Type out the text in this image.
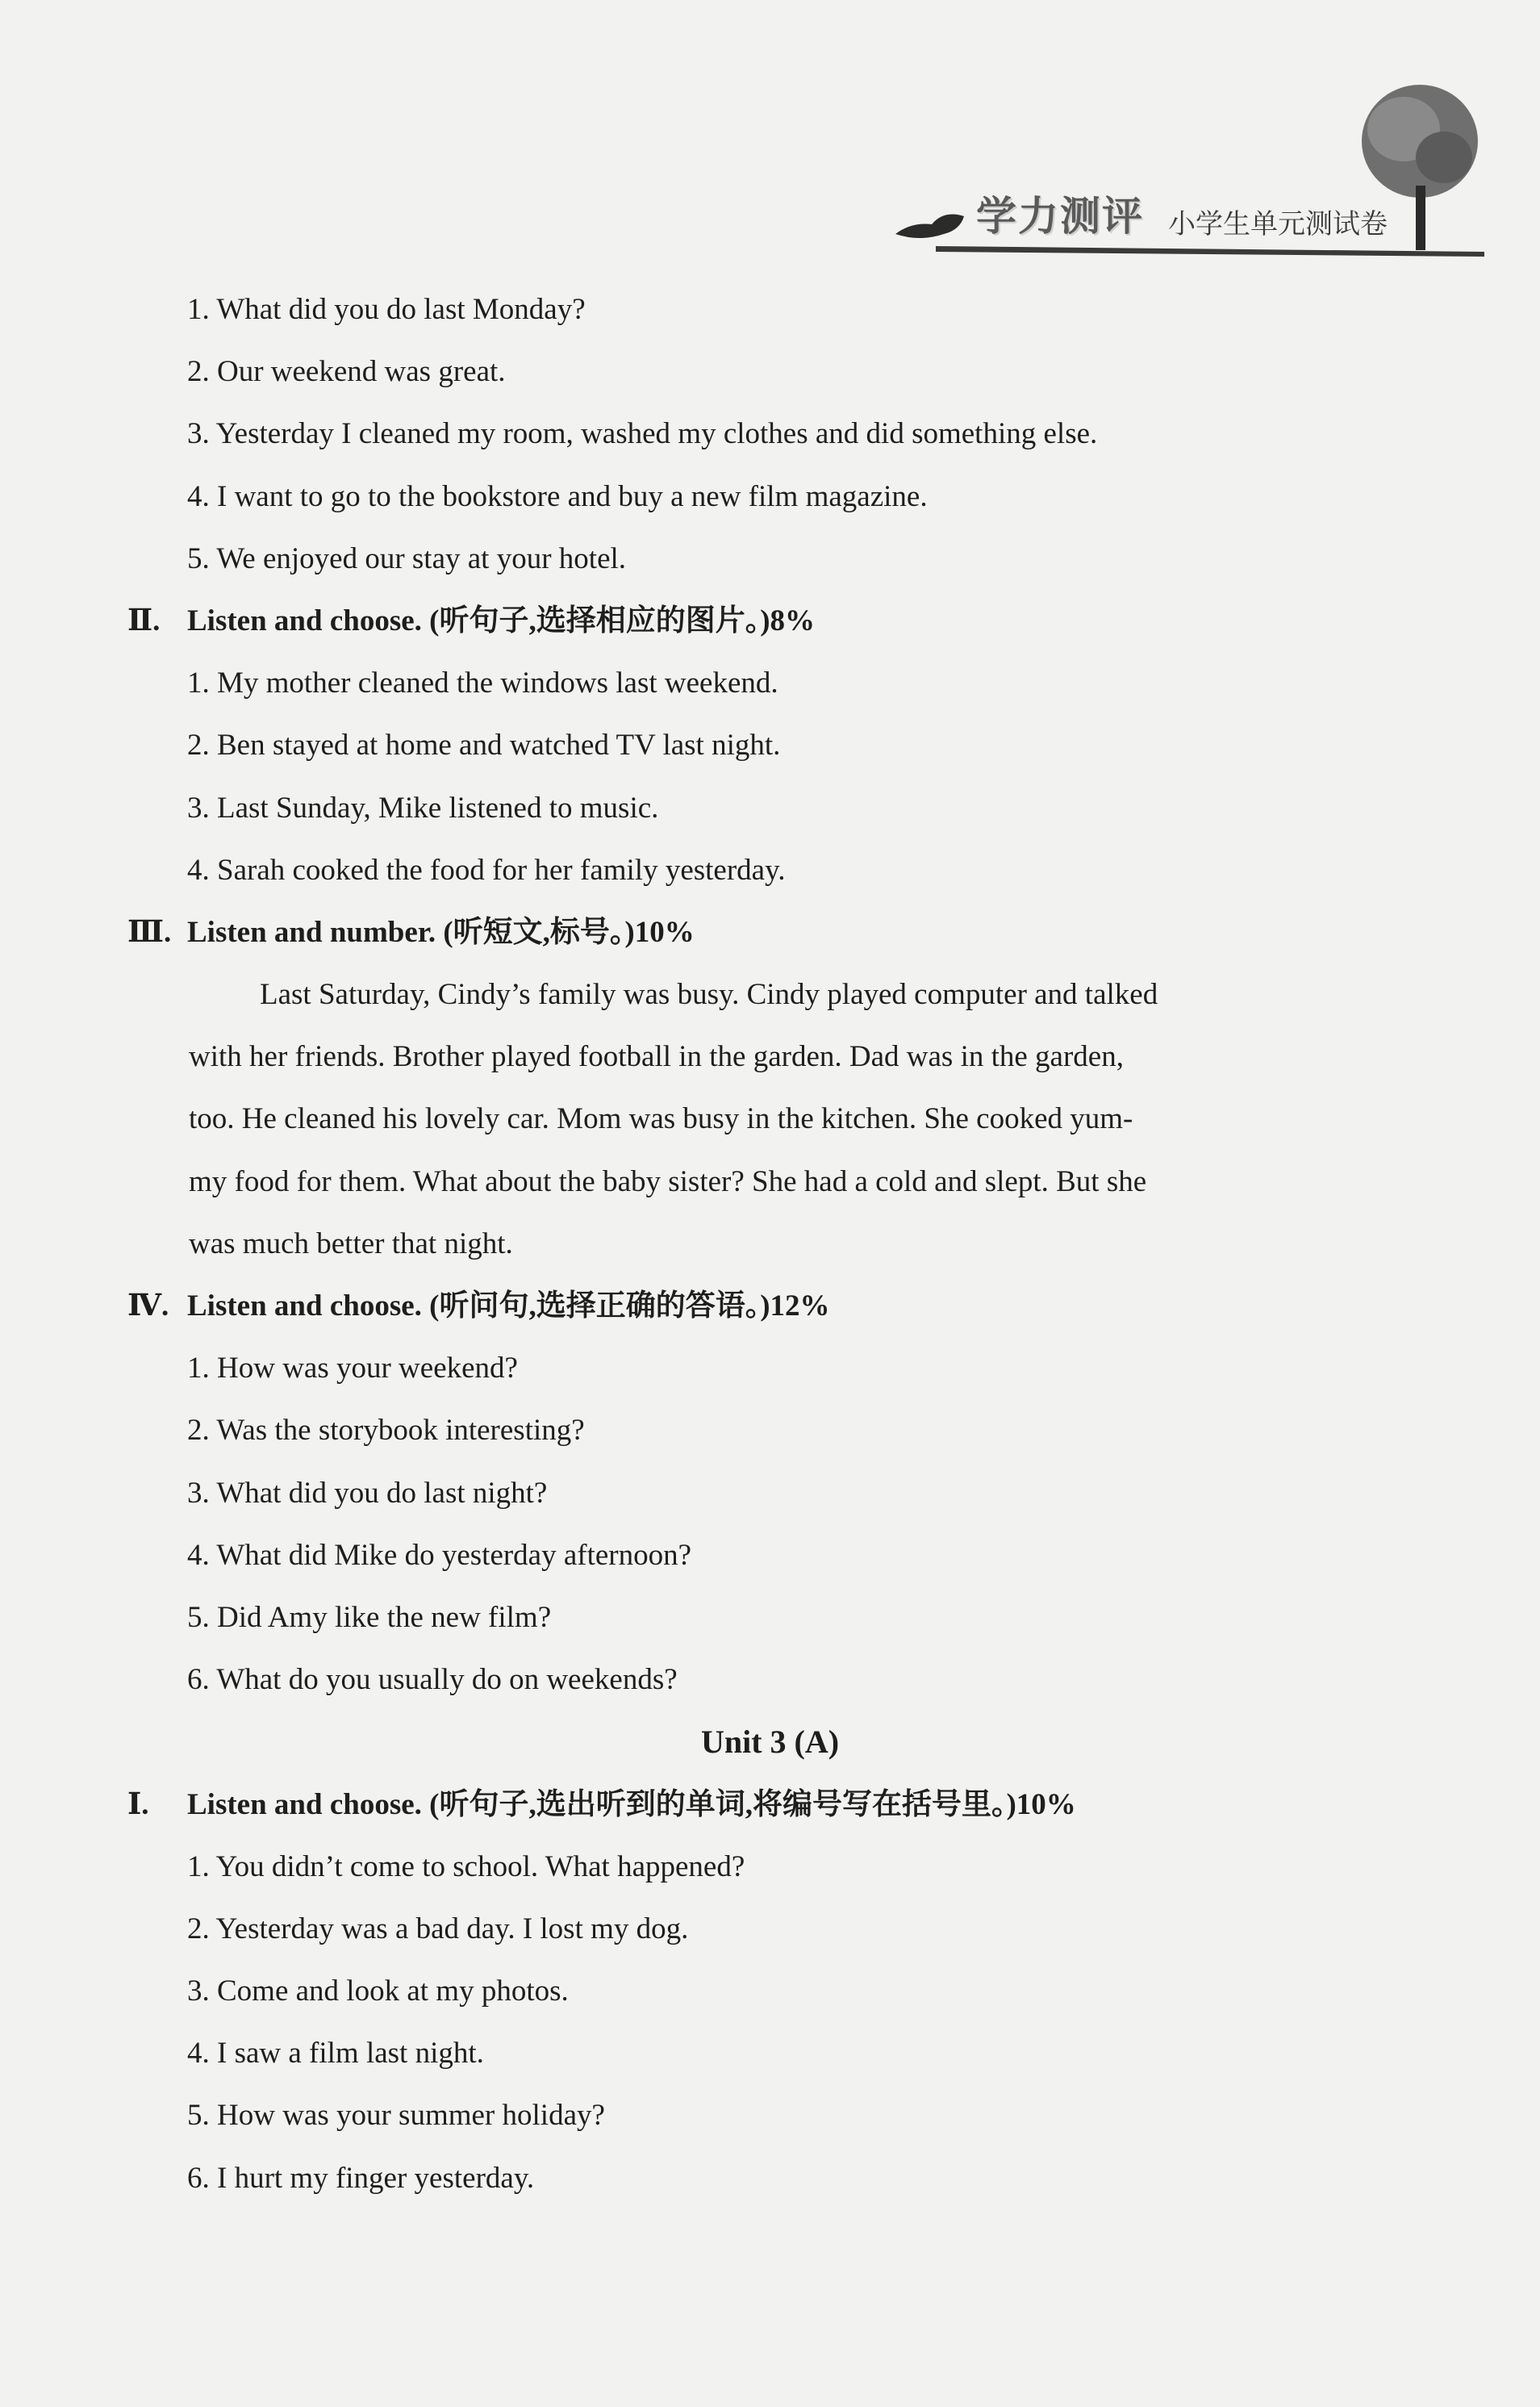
学力测评 小学生单元测试卷
1. What did you do last Monday?
2. Our weekend was great.
3. Yesterday I cleaned my room, washed my clothes and did something else.
4. I want to go to the bookstore and buy a new film magazine.
5. We enjoyed our stay at your hotel.
Ⅱ. Listen and choose. (听句子,选择相应的图片。)8%
1. My mother cleaned the windows last weekend.
2. Ben stayed at home and watched TV last night.
3. Last Sunday, Mike listened to music.
4. Sarah cooked the food for her family yesterday.
Ⅲ. Listen and number. (听短文,标号。)10%
Last Saturday, Cindy’s family was busy. Cindy played computer and talked
with her friends. Brother played football in the garden. Dad was in the garden,
too. He cleaned his lovely car. Mom was busy in the kitchen. She cooked yum-
my food for them. What about the baby sister? She had a cold and slept. But she
was much better that night.
Ⅳ. Listen and choose. (听问句,选择正确的答语。)12%
1. How was your weekend?
2. Was the storybook interesting?
3. What did you do last night?
4. What did Mike do yesterday afternoon?
5. Did Amy like the new film?
6. What do you usually do on weekends?
Unit 3 (A)
Ⅰ. Listen and choose. (听句子,选出听到的单词,将编号写在括号里。)10%
1. You didn’t come to school. What happened?
2. Yesterday was a bad day. I lost my dog.
3. Come and look at my photos.
4. I saw a film last night.
5. How was your summer holiday?
6. I hurt my finger yesterday.
